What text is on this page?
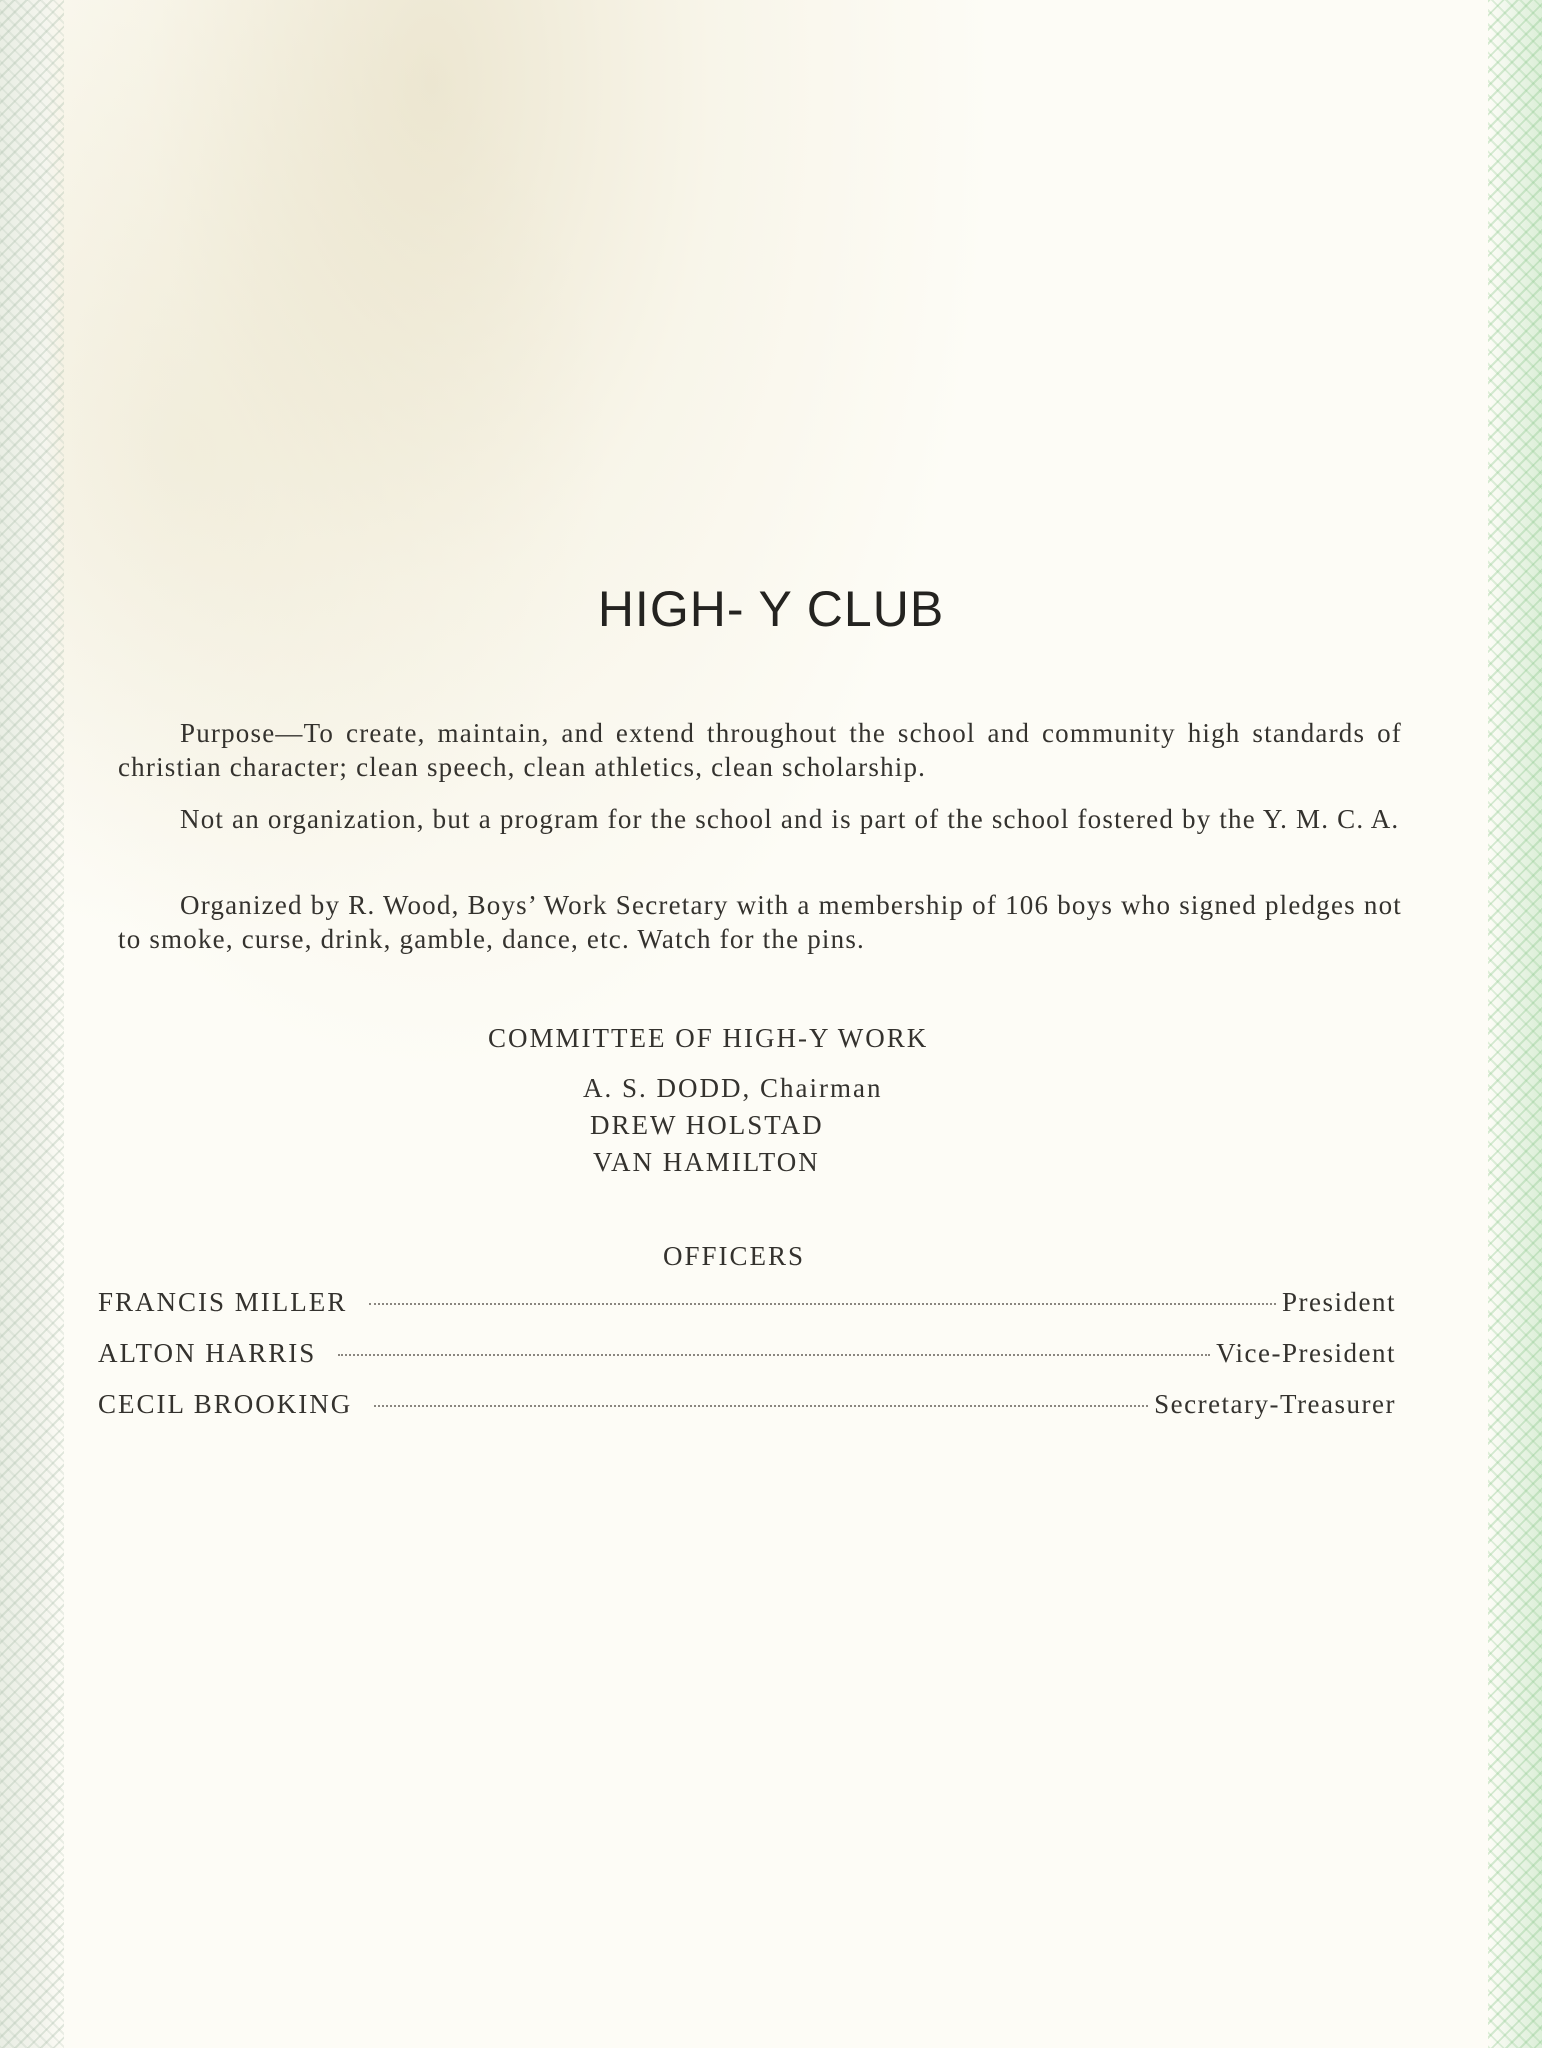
HIGH- Y CLUB

Purpose—To create, maintain, and extend throughout the school and community high standards of christian character; clean speech, clean athletics, clean scholarship.

Not an organization, but a program for the school and is part of the school fostered by the Y. M. C. A.

Organized by R. Wood, Boys’ Work Secretary with a membership of 106 boys who signed pledges not to smoke, curse, drink, gamble, dance, etc. Watch for the pins.

COMMITTEE OF HIGH-Y WORK
A. S. DODD, Chairman
DREW HOLSTAD
VAN HAMILTON
OFFICERS
FRANCIS MILLER	President
ALTON HARRIS	Vice-President
CECIL BROOKING	Secretary-Treasurer
